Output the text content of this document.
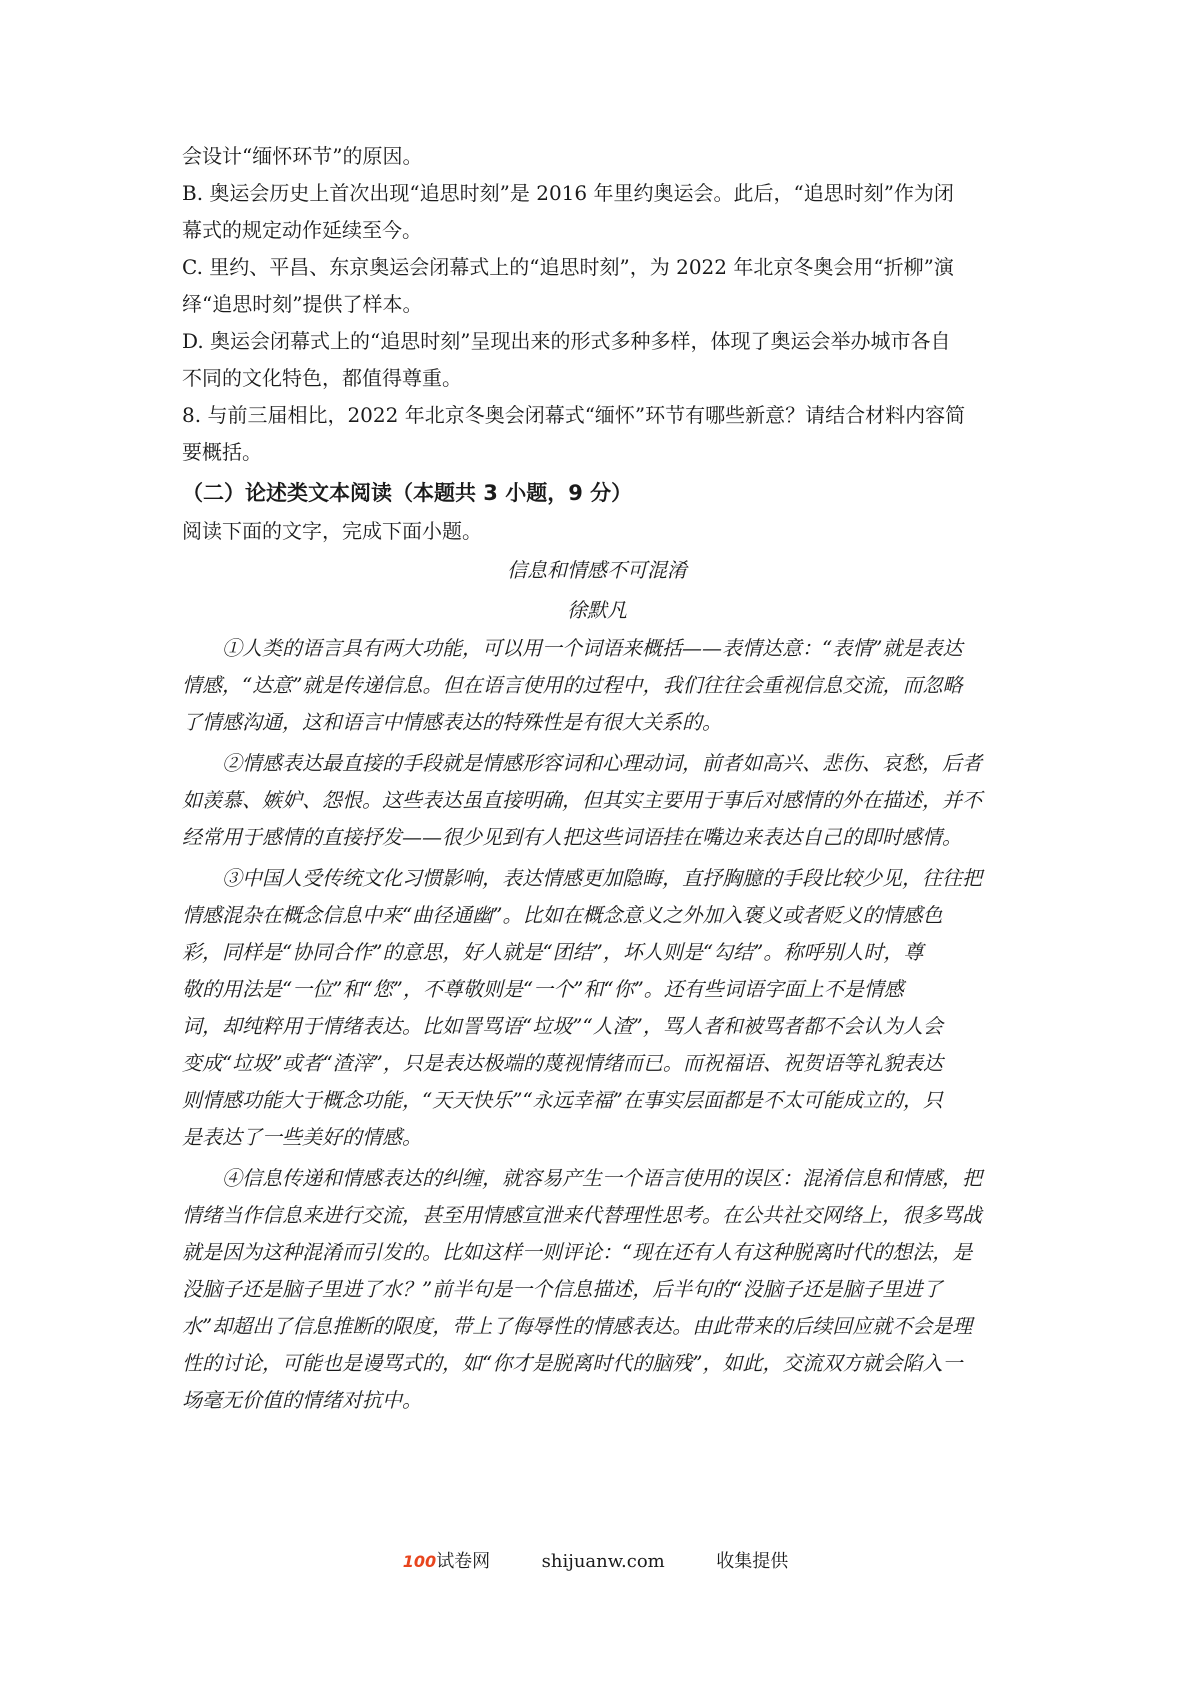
会设计“缅怀环节”的原因。
B. 奥运会历史上首次出现“追思时刻”是 2016 年里约奥运会。此后，“追思时刻”作为闭
幕式的规定动作延续至今。
C. 里约、平昌、东京奥运会闭幕式上的“追思时刻”，为 2022 年北京冬奥会用“折柳”演
绎“追思时刻”提供了样本。
D. 奥运会闭幕式上的“追思时刻”呈现出来的形式多种多样，体现了奥运会举办城市各自
不同的文化特色，都值得尊重。
8. 与前三届相比，2022 年北京冬奥会闭幕式“缅怀”环节有哪些新意？请结合材料内容简
要概括。
（二）论述类文本阅读（本题共 3 小题，9 分）
阅读下面的文字，完成下面小题。
信息和情感不可混淆
徐默凡
①人类的语言具有两大功能，可以用一个词语来概括——表情达意：“表情”就是表达
情感，“达意”就是传递信息。但在语言使用的过程中，我们往往会重视信息交流，而忽略
了情感沟通，这和语言中情感表达的特殊性是有很大关系的。
②情感表达最直接的手段就是情感形容词和心理动词，前者如高兴、悲伤、哀愁，后者
如羡慕、嫉妒、怨恨。这些表达虽直接明确，但其实主要用于事后对感情的外在描述，并不
经常用于感情的直接抒发——很少见到有人把这些词语挂在嘴边来表达自己的即时感情。
③中国人受传统文化习惯影响，表达情感更加隐晦，直抒胸臆的手段比较少见，往往把
情感混杂在概念信息中来“曲径通幽”。比如在概念意义之外加入褒义或者贬义的情感色
彩，同样是“协同合作”的意思，好人就是“团结”，坏人则是“勾结”。称呼别人时，尊
敬的用法是“一位”和“您”，不尊敬则是“一个”和“你”。还有些词语字面上不是情感
词，却纯粹用于情绪表达。比如詈骂语“垃圾”“人渣”，骂人者和被骂者都不会认为人会
变成“垃圾”或者“渣滓”，只是表达极端的蔑视情绪而已。而祝福语、祝贺语等礼貌表达
则情感功能大于概念功能，“天天快乐”“永远幸福”在事实层面都是不太可能成立的，只
是表达了一些美好的情感。
④信息传递和情感表达的纠缠，就容易产生一个语言使用的误区：混淆信息和情感，把
情绪当作信息来进行交流，甚至用情感宣泄来代替理性思考。在公共社交网络上，很多骂战
就是因为这种混淆而引发的。比如这样一则评论：“现在还有人有这种脱离时代的想法，是
没脑子还是脑子里进了水？”前半句是一个信息描述，后半句的“没脑子还是脑子里进了
水”却超出了信息推断的限度，带上了侮辱性的情感表达。由此带来的后续回应就不会是理
性的讨论，可能也是谩骂式的，如“你才是脱离时代的脑残”，如此，交流双方就会陷入一
场毫无价值的情绪对抗中。
100试卷网	shijuanw.com	收集提供
